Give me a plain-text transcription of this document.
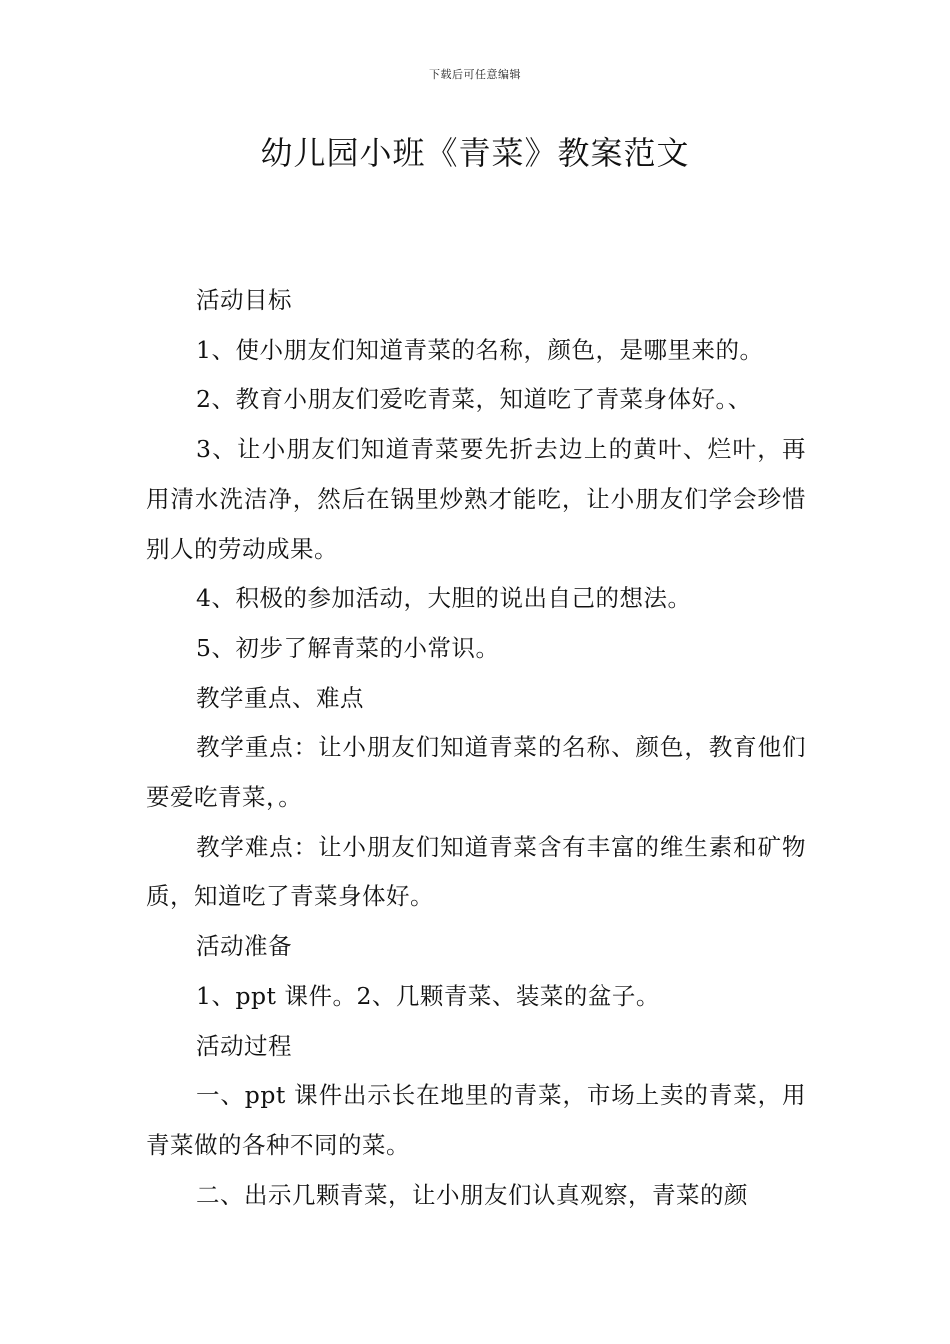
下载后可任意编辑
幼儿园小班《青菜》教案范文

活动目标

1、使小朋友们知道青菜的名称，颜色，是哪里来的。

2、教育小朋友们爱吃青菜，知道吃了青菜身体好。、

3、让小朋友们知道青菜要先折去边上的黄叶、烂叶，再用清水洗洁净，然后在锅里炒熟才能吃，让小朋友们学会珍惜别人的劳动成果。

4、积极的参加活动，大胆的说出自己的想法。

5、初步了解青菜的小常识。

教学重点、难点

教学重点：让小朋友们知道青菜的名称、颜色，教育他们要爱吃青菜，。

教学难点：让小朋友们知道青菜含有丰富的维生素和矿物质，知道吃了青菜身体好。

活动准备

1、ppt 课件。2、几颗青菜、装菜的盆子。

活动过程

一、ppt 课件出示长在地里的青菜，市场上卖的青菜，用青菜做的各种不同的菜。

二、出示几颗青菜，让小朋友们认真观察，青菜的颜
